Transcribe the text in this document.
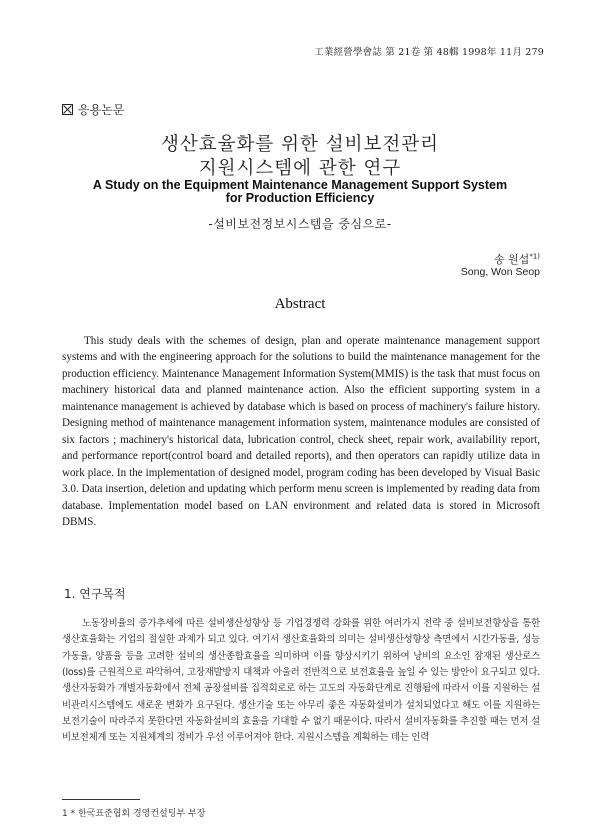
工業經營學會誌 第 21卷 第 48輯 1998年 11月 279
응용논문
생산효율화를 위한 설비보전관리
지원시스템에 관한 연구
A Study on the Equipment Maintenance Management Support System
for Production Efficiency
-설비보전정보시스템을 중심으로-
송 원섭$^{*1)}$
Song, Won Seop
Abstract

This study deals with the schemes of design, plan and operate maintenance management support systems and with the engineering approach for the solutions to build the maintenance management for the production efficiency. Maintenance Management Information System(MMIS) is the task that must focus on machinery historical data and planned maintenance action. Also the efficient supporting system in a maintenance management is achieved by database which is based on process of machinery's failure history. Designing method of maintenance management information system, maintenance modules are consisted of six factors ; machinery's historical data, lubrication control, check sheet, repair work, availability report, and performance report(control board and detailed reports), and then operators can rapidly utilize data in work place. In the implementation of designed model, program coding has been developed by Visual Basic 3.0. Data insertion, deletion and updating which perform menu screen is implemented by reading data from database. Implementation model based on LAN environment and related data is stored in Microsoft DBMS.

1. 연구목적

노동장비율의 증가추세에 따른 설비생산성향상 등 기업경쟁력 강화를 위한 여러가지 전략 중 설비보전향상을 통한 생산효율화는 기업의 절실한 과제가 되고 있다. 여기서 생산효율화의 의미는 설비생산성향상 측면에서 시간가동율, 성능가동율, 양품율 등을 고려한 설비의 생산종합효율을 의미하며 이를 향상시키기 위하여 낭비의 요소인 잠재된 생산로스(loss)를 근원적으로 파악하여, 고장재발방지 대책과 아울러 전반적으로 보전효율을 높일 수 있는 방안이 요구되고 있다. 생산자동화가 개별자동화에서 전체 공장설비를 집적회로로 하는 고도의 자동화단계로 진행됨에 따라서 이를 지원하는 설비관리시스템에도 새로운 변화가 요구된다. 생산기술 또는 아무리 좋은 자동화설비가 설치되었다고 해도 이를 지원하는 보전기술이 따라주지 못한다면 자동화설비의 효율을 기대할 수 없기 때문이다. 따라서 설비자동화를 추진할 때는 먼저 설비보전체계 또는 지원체계의 정비가 우선 이루어져야 한다. 지원시스템을 계획하는 데는 인력

1 * 한국표준협회 경영컨설팅부 부장
